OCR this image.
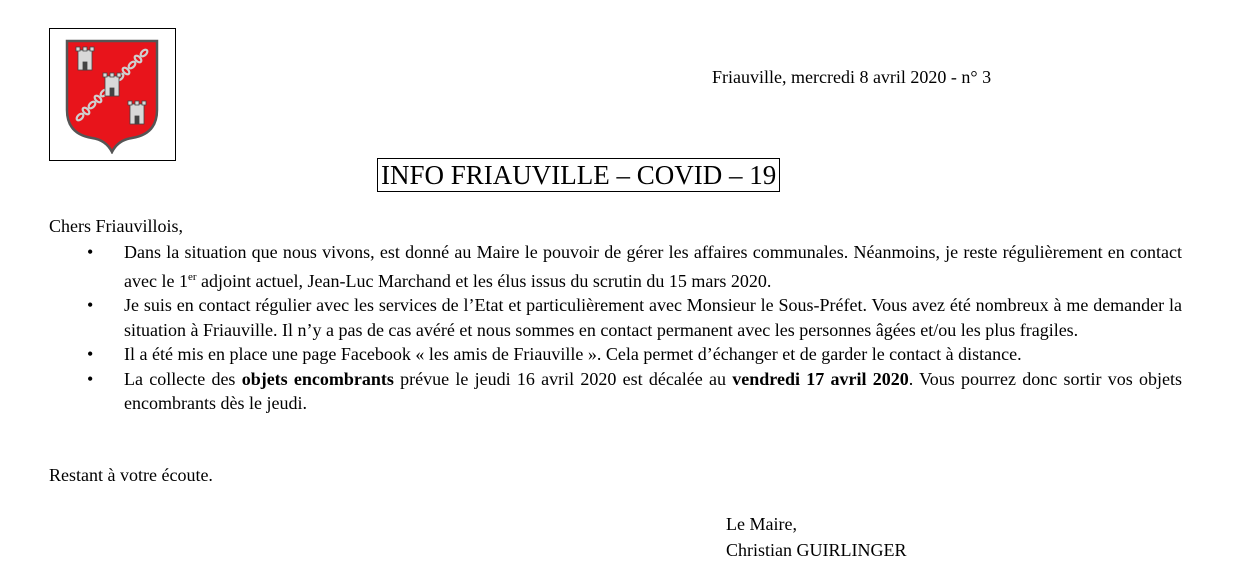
Friauville, mercredi 8 avril 2020 - n° 3
INFO FRIAUVILLE – COVID – 19
Chers Friauvillois,
• Dans la situation que nous vivons, est donné au Maire le pouvoir de gérer les affaires communales. Néanmoins, je reste régulièrement en contact avec le 1er adjoint actuel, Jean-Luc Marchand et les élus issus du scrutin du 15 mars 2020.
• Je suis en contact régulier avec les services de l’Etat et particulièrement avec Monsieur le Sous-Préfet. Vous avez été nombreux à me demander la situation à Friauville. Il n’y a pas de cas avéré et nous sommes en contact permanent avec les personnes âgées et/ou les plus fragiles.
• Il a été mis en place une page Facebook « les amis de Friauville ». Cela permet d’échanger et de garder le contact à distance.
• La collecte des objets encombrants prévue le jeudi 16 avril 2020 est décalée au vendredi 17 avril 2020. Vous pourrez donc sortir vos objets encombrants dès le jeudi.
Restant à votre écoute.
Le Maire,
Christian GUIRLINGER
